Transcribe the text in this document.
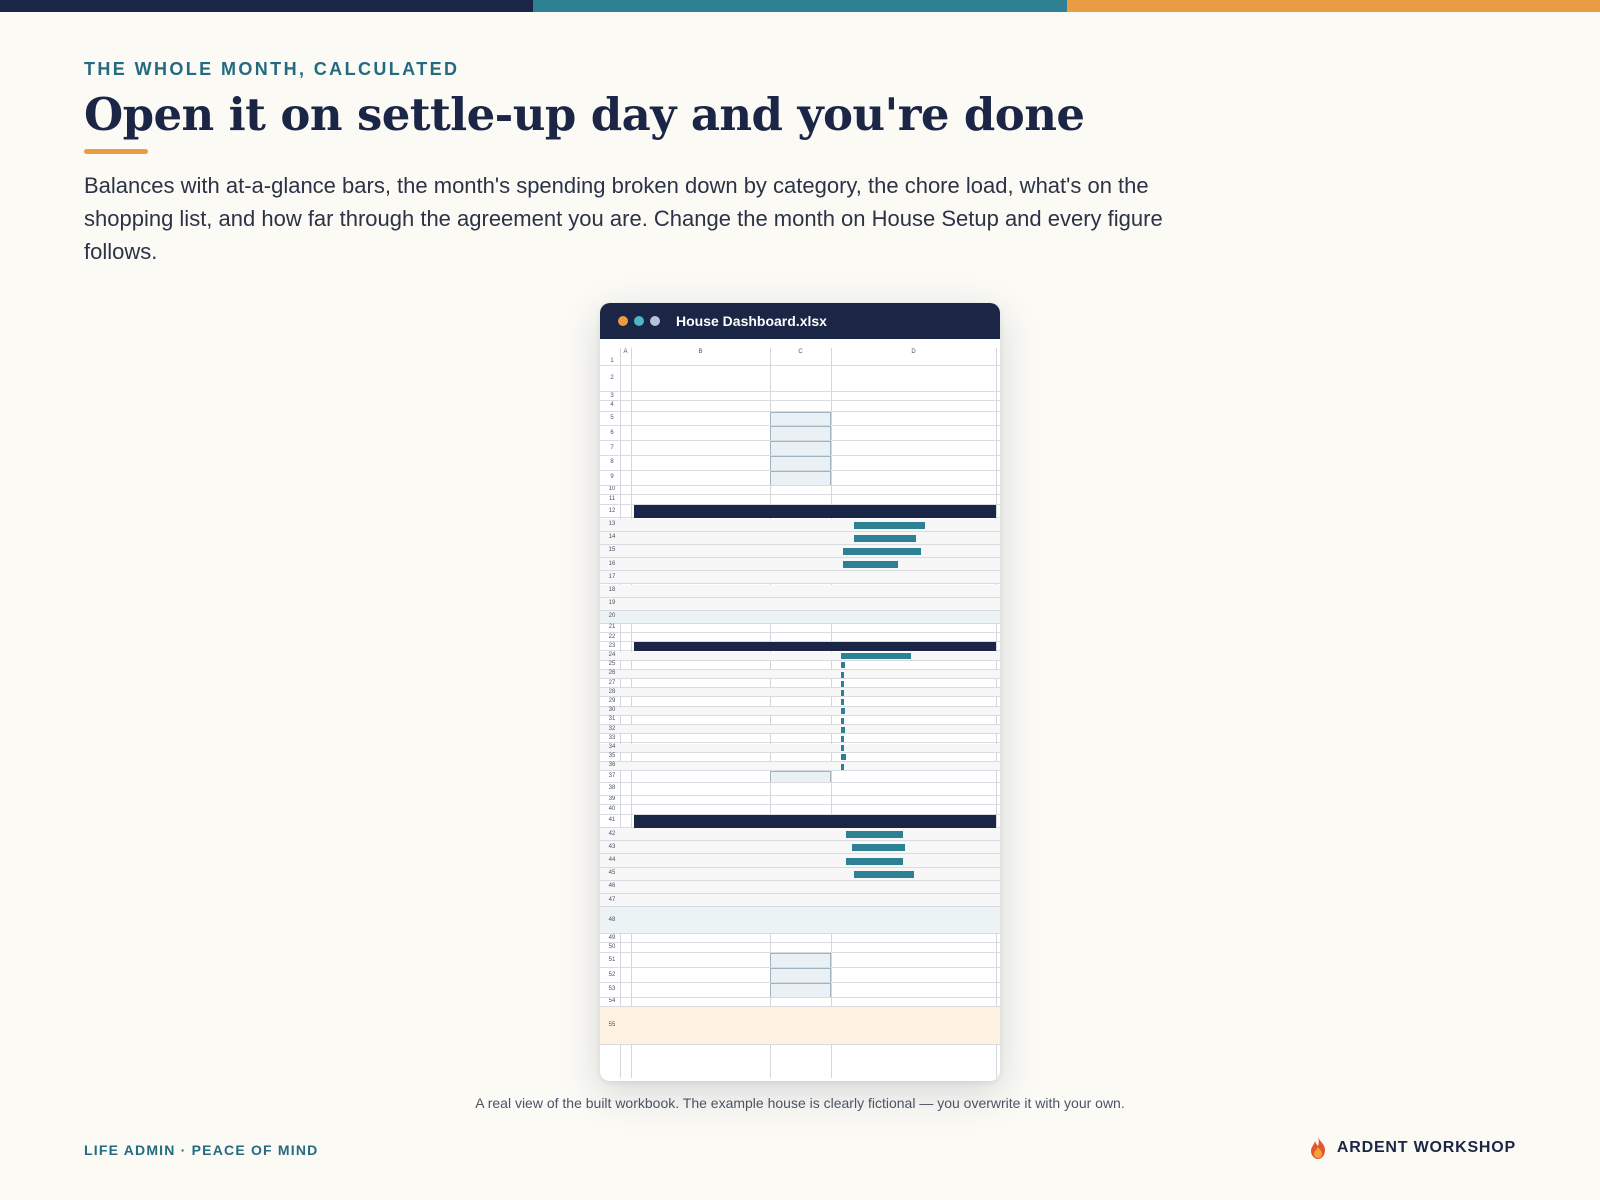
THE WHOLE MONTH, CALCULATED
Open it on settle-up day and you're done

Balances with at-a-glance bars, the month's spending broken down by category, the chore load, what's on the shopping list, and how far through the agreement you are. Change the month on House Setup and every figure follows.

House Dashboard.xlsx
A	B	C	D
1
2
3
4
5
6
7
8
9
10
11
12
13
14
15
16
17
18
19
20
21
22
23
24
25
26
27
28
29
30
31
32
33
34
35
36
37
38
39
40
41
42
43
44
45
46
47
48
49
50
51
52
53
54
55
A real view of the built workbook. The example house is clearly fictional — you overwrite it with your own.
LIFE ADMIN · PEACE OF MIND	ARDENT WORKSHOP
